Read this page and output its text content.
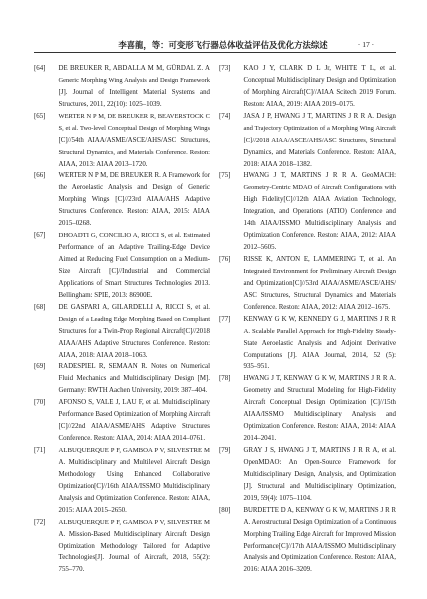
李喜龍，等：可变形飞行器总体收益评估及优化方法综述	· 17 ·
[64] DE BREUKER R, ABDALLA M M, GÜRDAL Z. A
Generic Morphing Wing Analysis and Design Framework
[J]. Journal of Intelligent Material Systems and
Structures, 2011, 22(10): 1025–1039.
[65] WERTER N P M, DE BREUKER R, BEAVERSTOCK C
S, et al. Two-level Conceptual Design of Morphing Wings
[C]//54th AIAA/ASME/ASCE/AHS/ASC Structures,
Structural Dynamics, and Materials Conference. Reston:
AIAA, 2013: AIAA 2013–1720.
[66] WERTER N P M, DE BREUKER R. A Framework for
the Aeroelastic Analysis and Design of Generic
Morphing Wings [C]//23rd AIAA/AHS Adaptive
Structures Conference. Reston: AIAA, 2015: AIAA
2015–0268.
[67] DHOADTI G, CONCILIO A, RICCI S, et al. Estimated
Performance of an Adaptive Trailing-Edge Device
Aimed at Reducing Fuel Consumption on a Medium-
Size Aircraft [C]//Industrial and Commercial
Applications of Smart Structures Technologies 2013.
Bellingham: SPIE, 2013: 86900E.
[68] DE GASPARI A, GILARDELLI A, RICCI S, et al.
Design of a Leading Edge Morphing Based on Compliant
Structures for a Twin-Prop Regional Aircraft[C]//2018
AIAA/AHS Adaptive Structures Conference. Reston:
AIAA, 2018: AIAA 2018–1063.
[69] RADESPIEL R, SEMAAN R. Notes on Numerical
Fluid Mechanics and Multidisciplinary Design [M].
Germany: RWTH Aachen University, 2019: 387–404.
[70] AFONSO S, VALE J, LAU F, et al. Multidisciplinary
Performance Based Optimization of Morphing Aircraft
[C]//22nd AIAA/ASME/AHS Adaptive Structures
Conference. Reston: AIAA, 2014: AIAA 2014–0761.
[71] ALBUQUERQUE P F, GAMBOA P V, SILVESTRE M
A. Multidisciplinary and Multilevel Aircraft Design
Methodology Using Enhanced Collaborative
Optimization[C]//16th AIAA/ISSMO Multidisciplinary
Analysis and Optimization Conference. Reston: AIAA,
2015: AIAA 2015–2650.
[72] ALBUQUERQUE P F, GAMBOA P V, SILVESTRE M
A. Mission-Based Multidisciplinary Aircraft Design
Optimization Methodology Tailored for Adaptive
Technologies[J]. Journal of Aircraft, 2018, 55(2):
755–770.
[73] KAO J Y, CLARK D L Jr, WHITE T L, et al.
Conceptual Multidisciplinary Design and Optimization
of Morphing Aircraft[C]//AIAA Scitech 2019 Forum.
Reston: AIAA, 2019: AIAA 2019–0175.
[74] JASA J P, HWANG J T, MARTINS J R R A. Design
and Trajectory Optimization of a Morphing Wing Aircraft
[C]//2018 AIAA/ASCE/AHS/ASC Structures, Structural
Dynamics, and Materials Conference. Reston: AIAA,
2018: AIAA 2018–1382.
[75] HWANG J T, MARTINS J R R A. GeoMACH:
Geometry-Centric MDAO of Aircraft Configurations with
High Fidelity[C]//12th AIAA Aviation Technology,
Integration, and Operations (ATIO) Conference and
14th AIAA/ISSMO Multidisciplinary Analysis and
Optimization Conference. Reston: AIAA, 2012: AIAA
2012–5605.
[76] RISSE K, ANTON E, LAMMERING T, et al. An
Integrated Environment for Preliminary Aircraft Design
and Optimization[C]//53rd AIAA/ASME/ASCE/AHS/
ASC Structures, Structural Dynamics and Materials
Conference. Reston: AIAA, 2012: AIAA 2012–1675.
[77] KENWAY G K W, KENNEDY G J, MARTINS J R R
A. Scalable Parallel Approach for High-Fidelity Steady-
State Aeroelastic Analysis and Adjoint Derivative
Computations [J]. AIAA Journal, 2014, 52 (5):
935–951.
[78] HWANG J T, KENWAY G K W, MARTINS J R R A.
Geometry and Structural Modeling for High-Fidelity
Aircraft Conceptual Design Optimization [C]//15th
AIAA/ISSMO Multidisciplinary Analysis and
Optimization Conference. Reston: AIAA, 2014: AIAA
2014–2041.
[79] GRAY J S, HWANG J T, MARTINS J R R A, et al.
OpenMDAO: An Open-Source Framework for
Multidisciplinary Design, Analysis, and Optimization
[J]. Structural and Multidisciplinary Optimization,
2019, 59(4): 1075–1104.
[80] BURDETTE D A, KENWAY G K W, MARTINS J R R
A. Aerostructural Design Optimization of a Continuous
Morphing Trailing Edge Aircraft for Improved Mission
Performance[C]//17th AIAA/ISSMO Multidisciplinary
Analysis and Optimization Conference. Reston: AIAA,
2016: AIAA 2016–3209.
